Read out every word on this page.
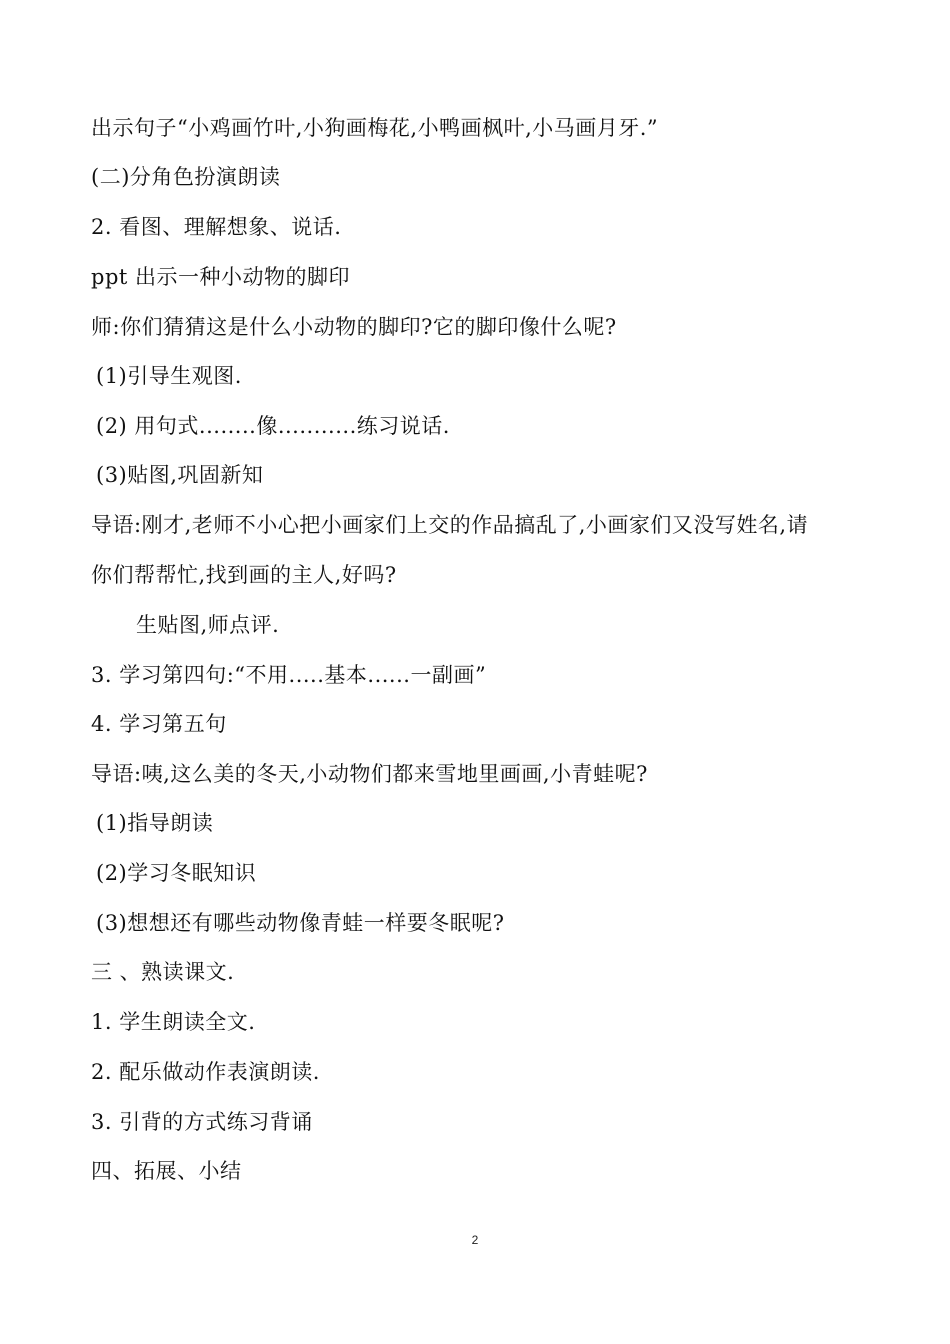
出示句子“小鸡画竹叶,小狗画梅花,小鸭画枫叶,小马画月牙.”
(二)分角色扮演朗读
2. 看图、理解想象、说话.
ppt 出示一种小动物的脚印
师:你们猜猜这是什么小动物的脚印?它的脚印像什么呢?
(1)引导生观图.
(2) 用句式........像...........练习说话.
(3)贴图,巩固新知
导语:刚才,老师不小心把小画家们上交的作品搞乱了,小画家们又没写姓名,请
你们帮帮忙,找到画的主人,好吗?
生贴图,师点评.
3. 学习第四句:“不用.....基本......一副画”
4. 学习第五句
导语:咦,这么美的冬天,小动物们都来雪地里画画,小青蛙呢?
(1)指导朗读
(2)学习冬眠知识
(3)想想还有哪些动物像青蛙一样要冬眠呢?
三 、熟读课文.
1. 学生朗读全文.
2. 配乐做动作表演朗读.
3. 引背的方式练习背诵
四、拓展、小结
2
